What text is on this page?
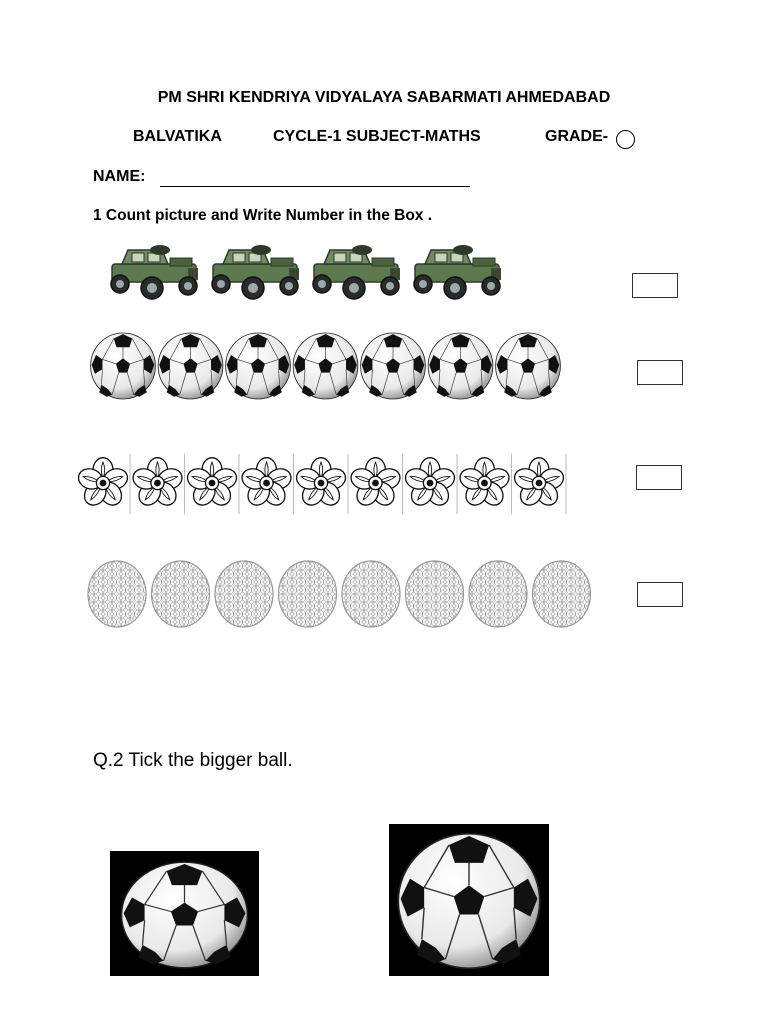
PM SHRI KENDRIYA VIDYALAYA SABARMATI AHMEDABAD
BALVATIKA	CYCLE-1 SUBJECT-MATHS	GRADE-
NAME:
1 Count picture and Write Number in the Box .
Q.2 Tick the bigger ball.
